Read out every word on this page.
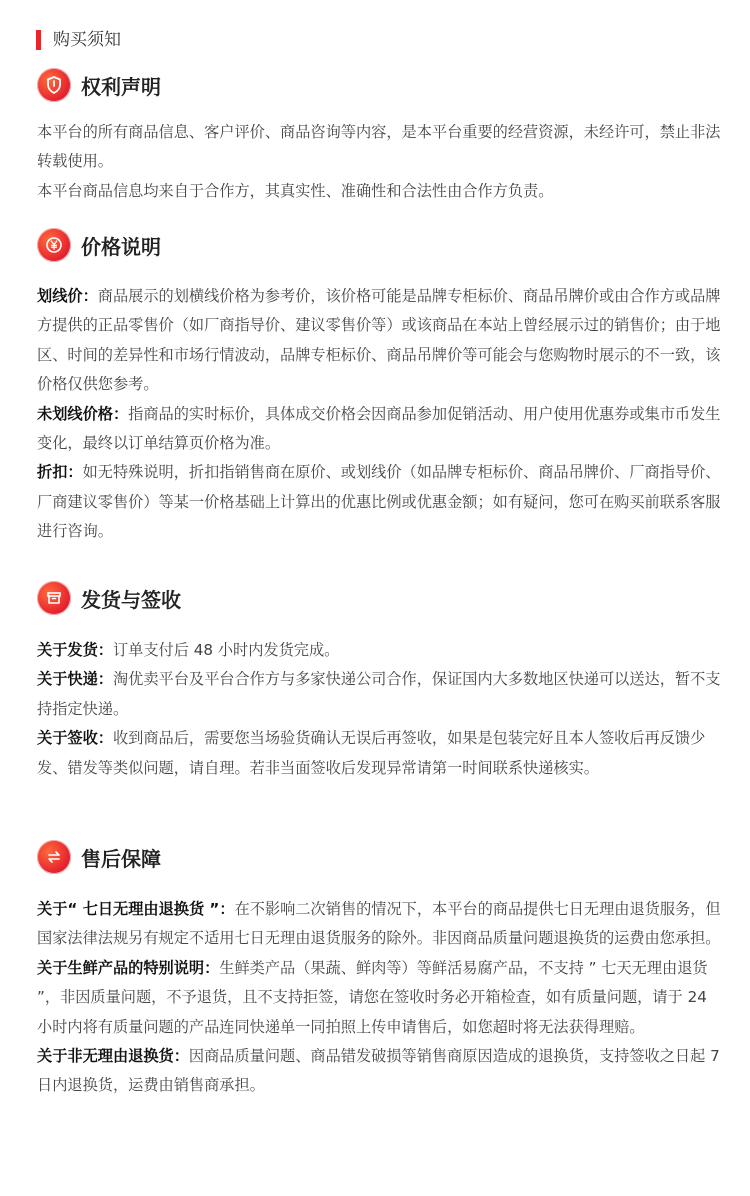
购买须知
权利声明

本平台的所有商品信息、客户评价、商品咨询等内容，是本平台重要的经营资源，未经许可，禁止非法转载使用。

本平台商品信息均来自于合作方，其真实性、准确性和合法性由合作方负责。

价格说明

划线价：商品展示的划横线价格为参考价，该价格可能是品牌专柜标价、商品吊牌价或由合作方或品牌方提供的正品零售价（如厂商指导价、建议零售价等）或该商品在本站上曾经展示过的销售价；由于地区、时间的差异性和市场行情波动，品牌专柜标价、商品吊牌价等可能会与您购物时展示的不一致，该价格仅供您参考。

未划线价格：指商品的实时标价，具体成交价格会因商品参加促销活动、用户使用优惠券或集市币发生变化，最终以订单结算页价格为准。

折扣：如无特殊说明，折扣指销售商在原价、或划线价（如品牌专柜标价、商品吊牌价、厂商指导价、厂商建议零售价）等某一价格基础上计算出的优惠比例或优惠金额；如有疑问，您可在购买前联系客服进行咨询。

发货与签收

关于发货：订单支付后 48 小时内发货完成。

关于快递：淘优卖平台及平台合作方与多家快递公司合作，保证国内大多数地区快递可以送达，暂不支持指定快递。

关于签收：收到商品后，需要您当场验货确认无误后再签收，如果是包装完好且本人签收后再反馈少发、错发等类似问题，请自理。若非当面签收后发现异常请第一时间联系快递核实。

售后保障

关于“ 七日无理由退换货 ”：在不影响二次销售的情况下，本平台的商品提供七日无理由退货服务，但国家法律法规另有规定不适用七日无理由退货服务的除外。非因商品质量问题退换货的运费由您承担。

关于生鲜产品的特别说明：生鲜类产品（果蔬、鲜肉等）等鲜活易腐产品，不支持 ” 七天无理由退货 ”，非因质量问题，不予退货，且不支持拒签，请您在签收时务必开箱检查，如有质量问题，请于 24 小时内将有质量问题的产品连同快递单一同拍照上传申请售后，如您超时将无法获得理赔。

关于非无理由退换货：因商品质量问题、商品错发破损等销售商原因造成的退换货，支持签收之日起 7 日内退换货，运费由销售商承担。
